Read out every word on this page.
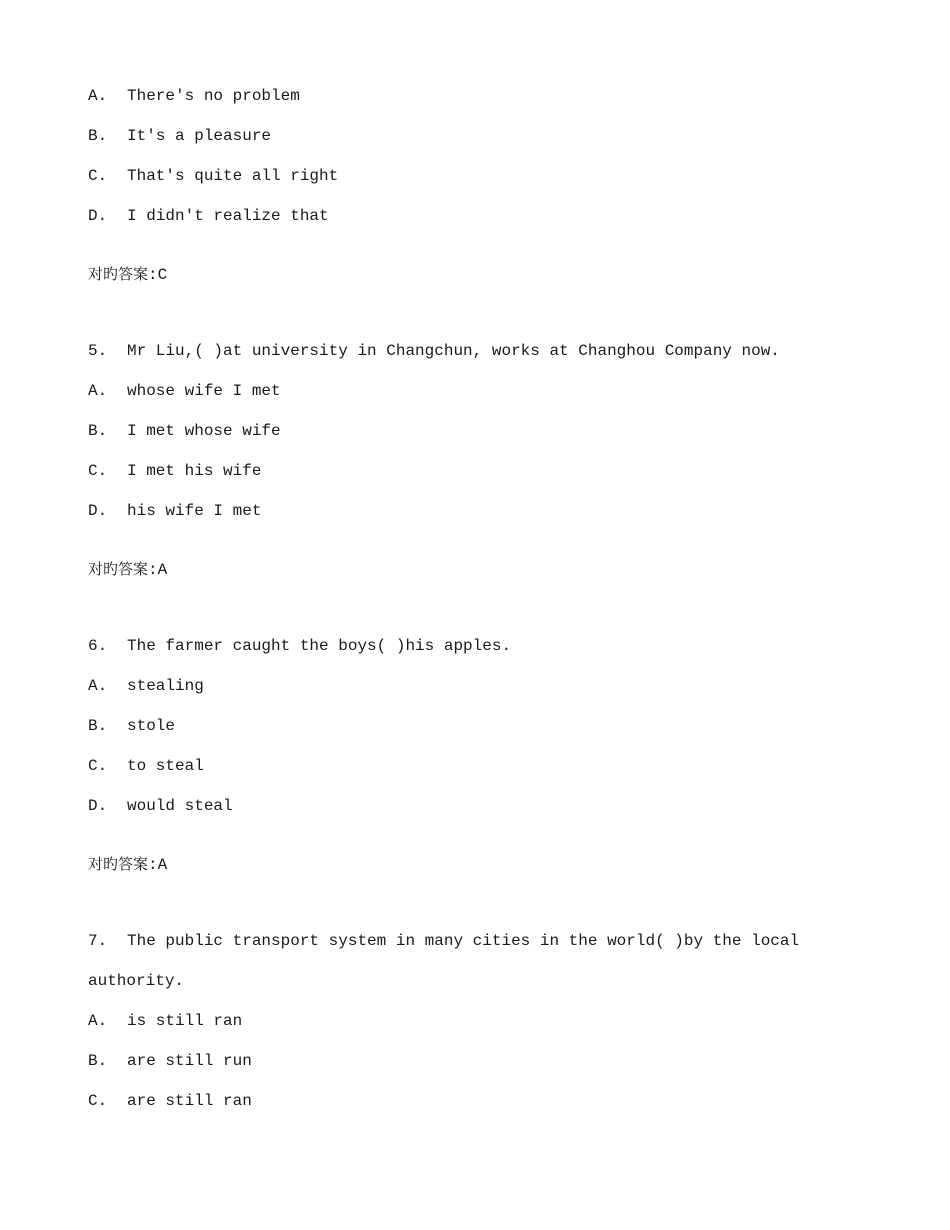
A. There's no problem
B. It's a pleasure
C. That's quite all right
D. I didn't realize that
对旳答案:C
5. Mr Liu,( )at university in Changchun, works at Changhou Company now.
A. whose wife I met
B. I met whose wife
C. I met his wife
D. his wife I met
对旳答案:A
6. The farmer caught the boys( )his apples.
A. stealing
B. stole
C. to steal
D. would steal
对旳答案:A
7. The public transport system in many cities in the world( )by the local
authority.
A. is still ran
B. are still run
C. are still ran
